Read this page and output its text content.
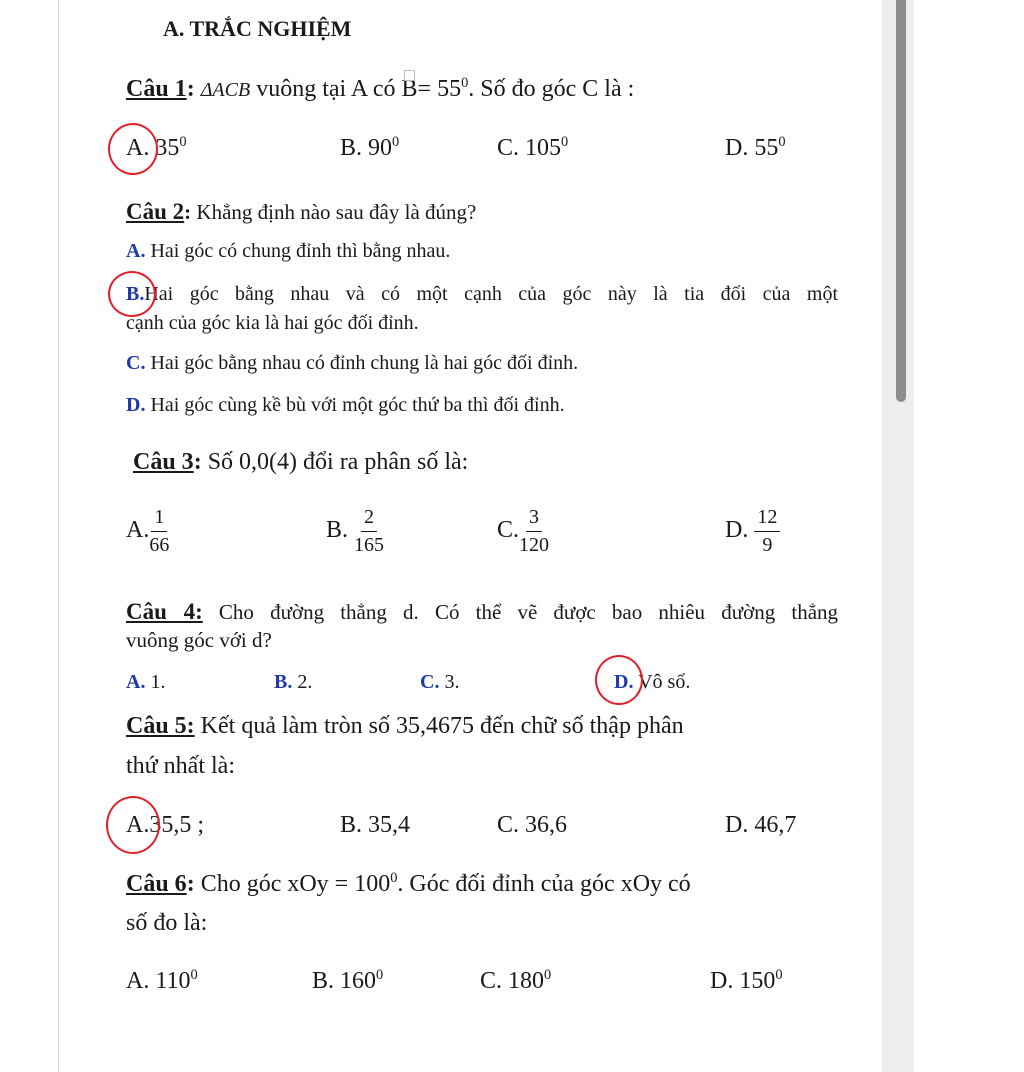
A. TRẮC NGHIỆM
Câu 1: ΔACB vuông tại A có $B= 55^0$. Số đo góc C là :
A. $35^0$	B. $90^0$	C. $105^0$	D. $55^0$
Câu 2: Khẳng định nào sau đây là đúng?
A. Hai góc có chung đỉnh thì bằng nhau.
B.Hai góc bằng nhau và có một cạnh của góc này là tia đối của một
cạnh của góc kia là hai góc đối đỉnh.
C. Hai góc bằng nhau có đỉnh chung là hai góc đối đỉnh.
D. Hai góc cùng kề bù với một góc thứ ba thì đối đỉnh.
Câu 3: Số 0,0(4) đổi ra phân số là:
A. $\frac{1}{66}$	B. $\frac{2}{165}$	C. $\frac{3}{120}$	D. $\frac{12}{9}$
Câu 4: Cho đường thẳng d. Có thể vẽ được bao nhiêu đường thẳng
vuông góc với d?
A. 1.	B. 2.	C. 3.	D. Vô số.
Câu 5: Kết quả làm tròn số 35,4675 đến chữ số thập phân
thứ nhất là:
A.35,5 ;	B. 35,4	C. 36,6	D. 46,7
Câu 6: Cho góc xOy = $100^0$. Góc đối đỉnh của góc xOy có
số đo là:
A. $110^0$	B. $160^0$	C. $180^0$	D. $150^0$
